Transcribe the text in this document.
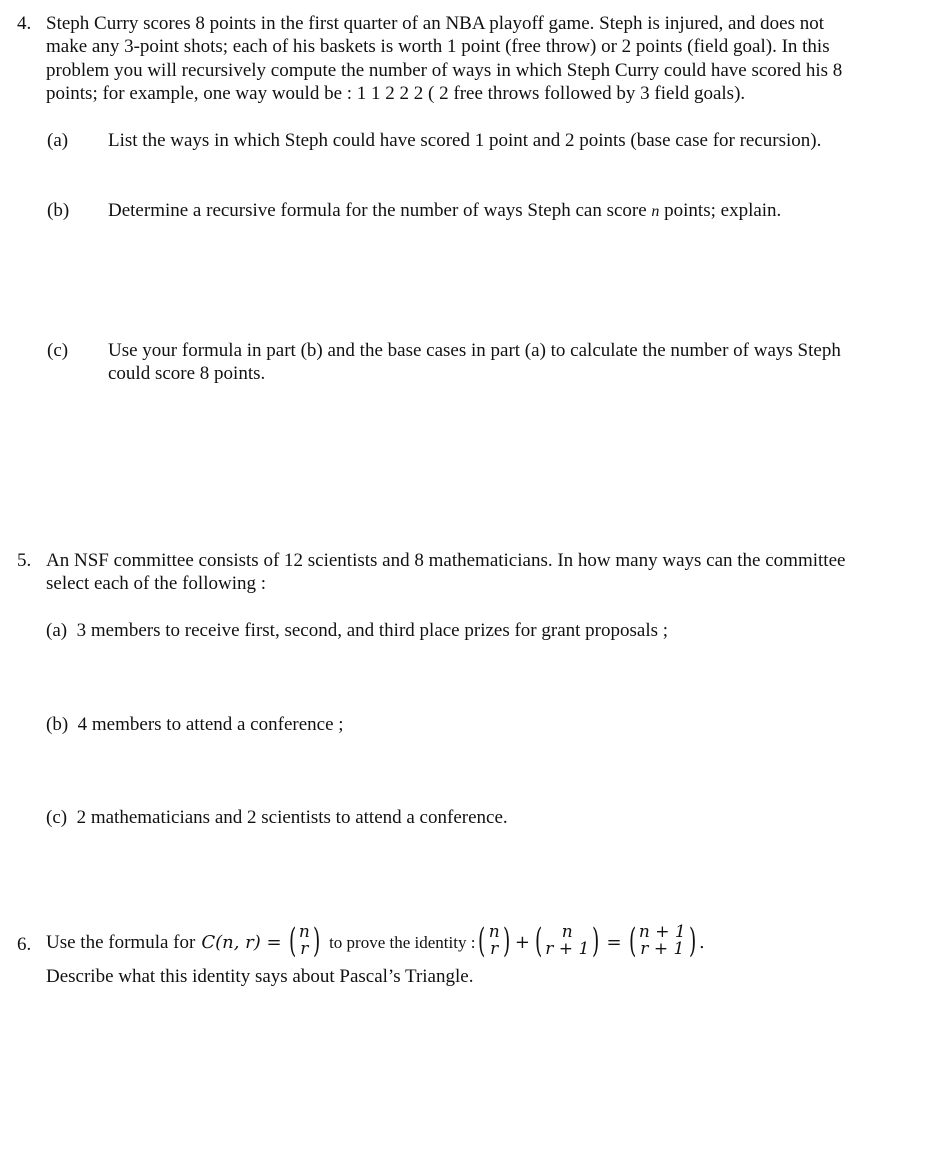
4. Steph Curry scores 8 points in the first quarter of an NBA playoff game. Steph is injured, and does not
make any 3-point shots; each of his baskets is worth 1 point (free throw) or 2 points (field goal). In this
problem you will recursively compute the number of ways in which Steph Curry could have scored his 8
points; for example, one way would be : 1 1 2 2 2 ( 2 free throws followed by 3 field goals).
(a) List the ways in which Steph could have scored 1 point and 2 points (base case for recursion).
(b) Determine a recursive formula for the number of ways Steph can score n points; explain.
(c) Use your formula in part (b) and the base cases in part (a) to calculate the number of ways Steph
could score 8 points.
5. An NSF committee consists of 12 scientists and 8 mathematicians. In how many ways can the committee
select each of the following :
(a) 3 members to receive first, second, and third place prizes for grant proposals ;
(b) 4 members to attend a conference ;
(c) 2 mathematicians and 2 scientists to attend a conference.
6. Use the formula for C(n, r) = ( n
r ) to prove the identity : ( n
r ) + ( n
r + 1 ) = ( n + 1
r + 1 ) .
Describe what this identity says about Pascal’s Triangle.
